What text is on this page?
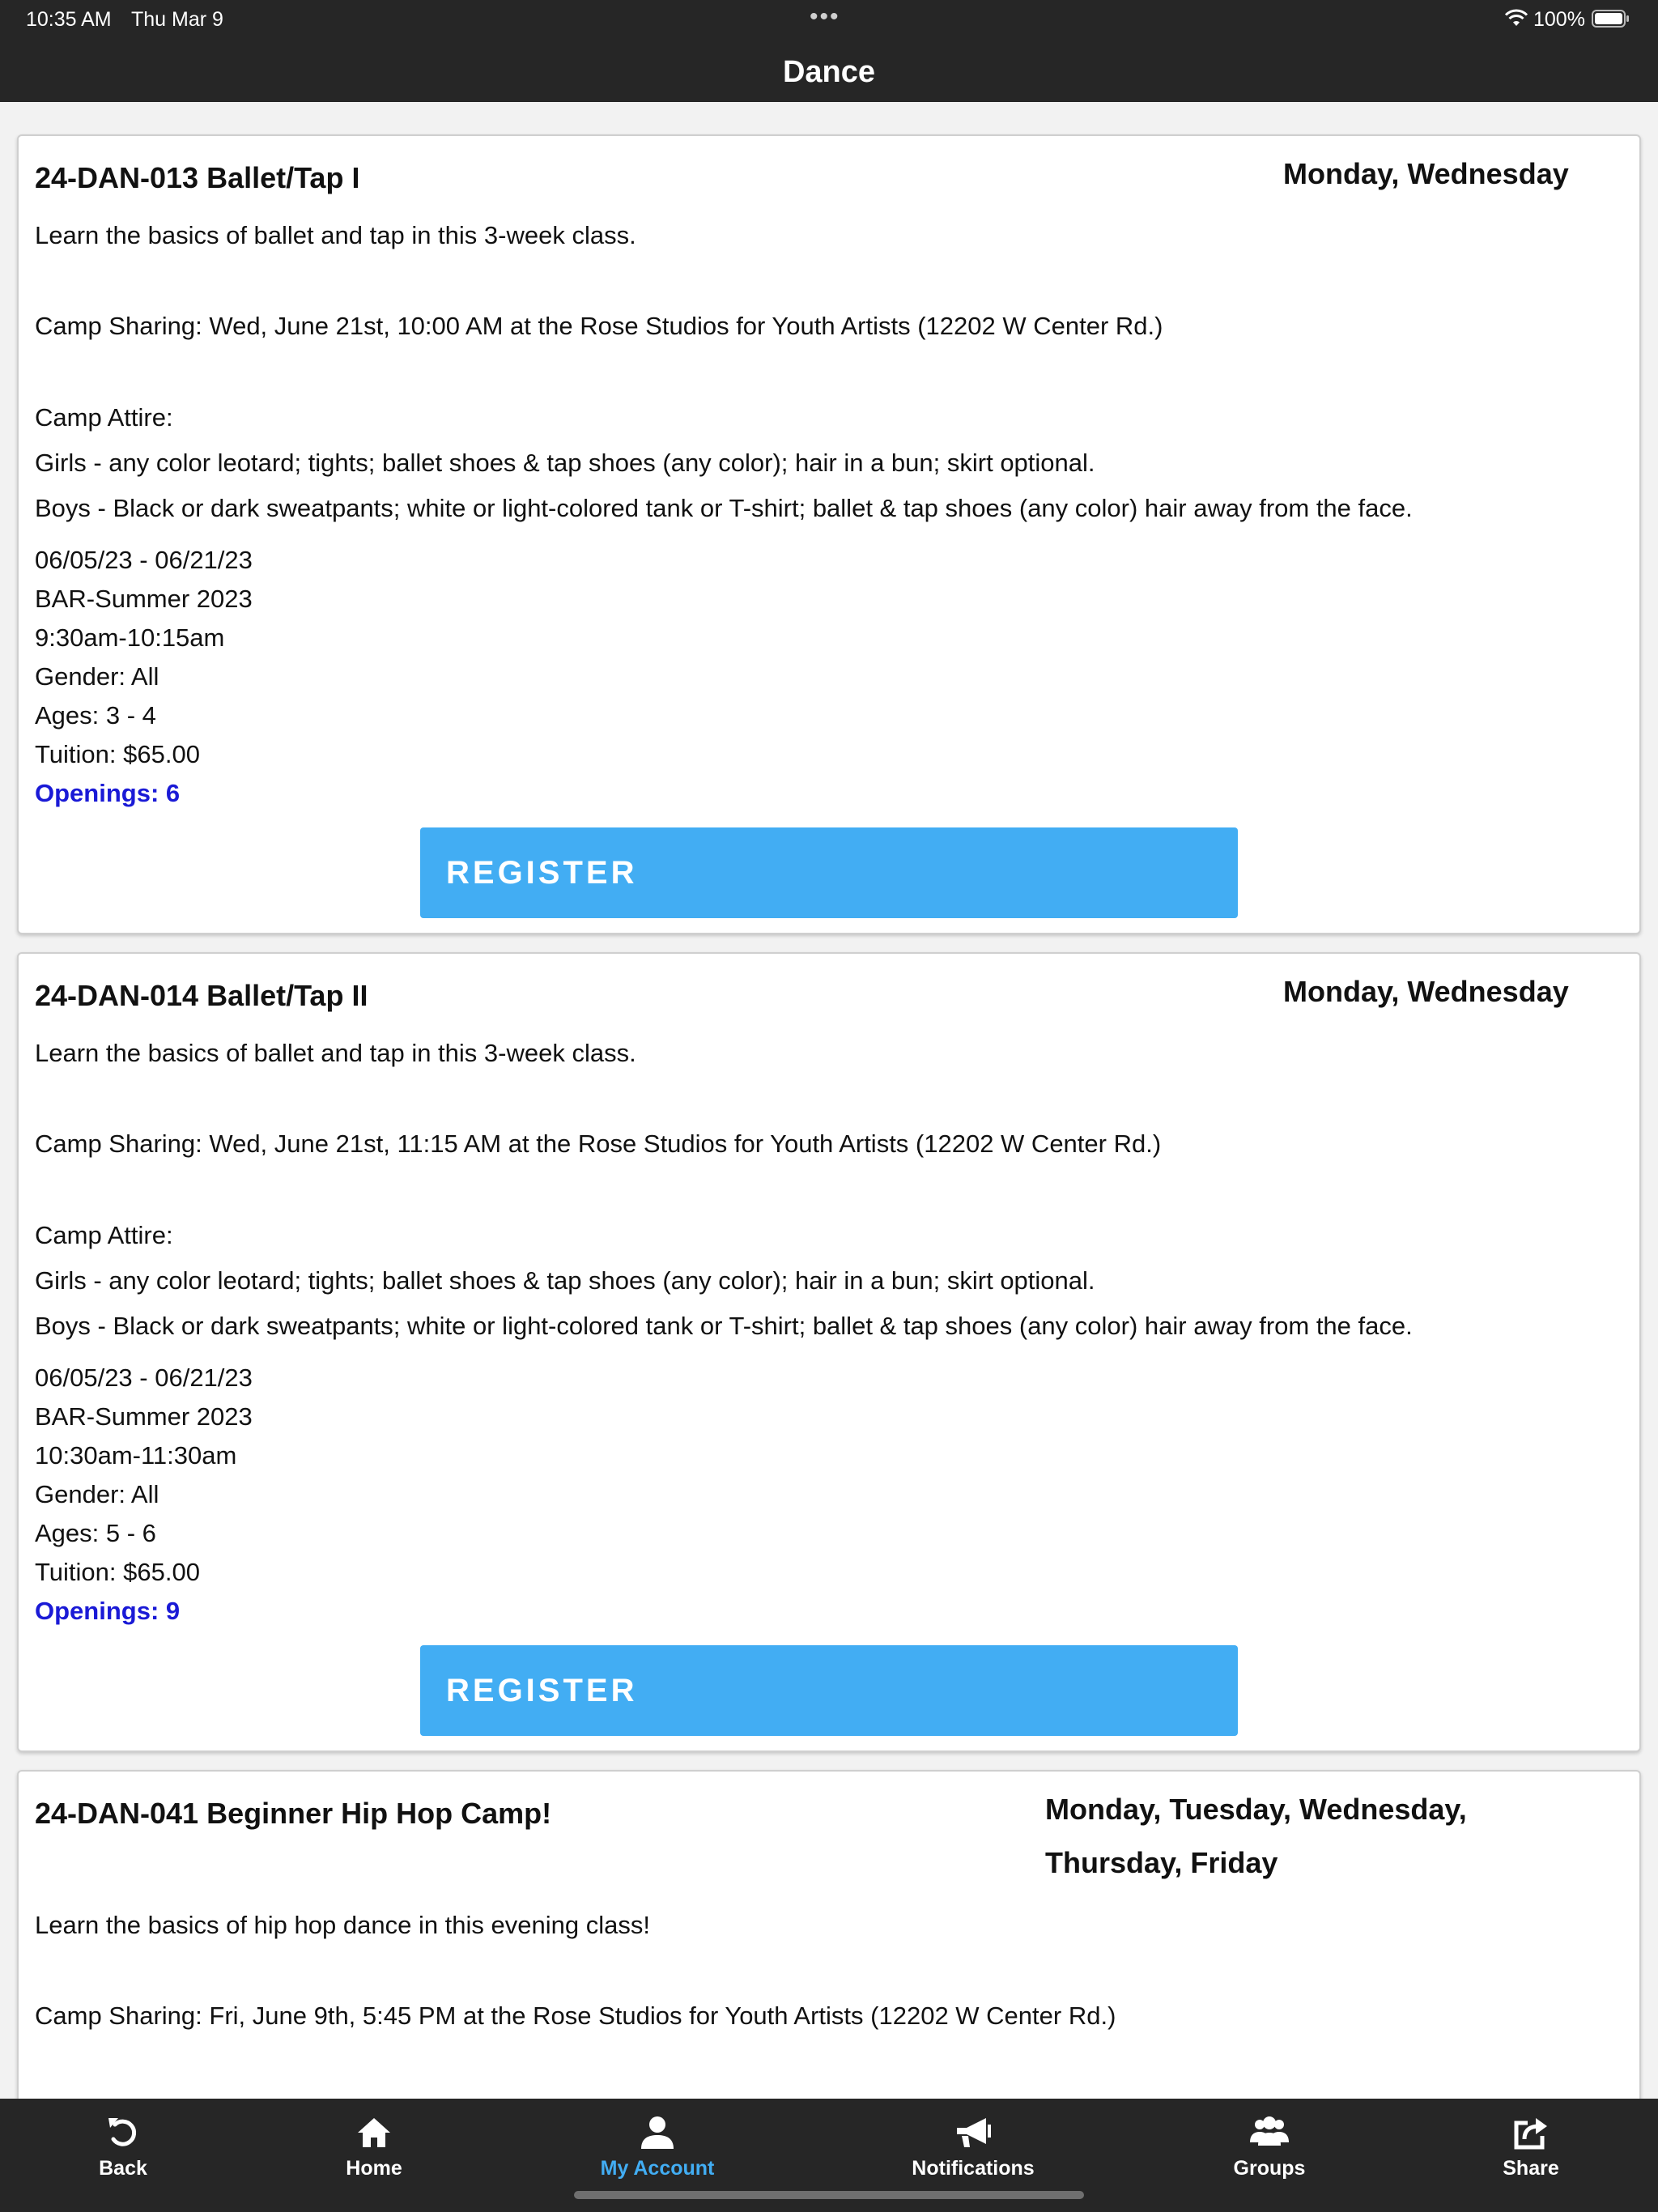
10:35 AM Thu Mar 9	•••	100%
Dance
24-DAN-013 Ballet/Tap I	Monday, Wednesday
Learn the basics of ballet and tap in this 3-week class.
Camp Sharing: Wed, June 21st, 10:00 AM at the Rose Studios for Youth Artists (12202 W Center Rd.)
Camp Attire:
Girls - any color leotard; tights; ballet shoes & tap shoes (any color); hair in a bun; skirt optional.
Boys - Black or dark sweatpants; white or light-colored tank or T-shirt; ballet & tap shoes (any color) hair away from the face.
06/05/23 - 06/21/23
BAR-Summer 2023
9:30am-10:15am
Gender: All
Ages: 3 - 4
Tuition: $65.00
Openings: 6
REGISTER
24-DAN-014 Ballet/Tap II	Monday, Wednesday
Learn the basics of ballet and tap in this 3-week class.
Camp Sharing: Wed, June 21st, 11:15 AM at the Rose Studios for Youth Artists (12202 W Center Rd.)
Camp Attire:
Girls - any color leotard; tights; ballet shoes & tap shoes (any color); hair in a bun; skirt optional.
Boys - Black or dark sweatpants; white or light-colored tank or T-shirt; ballet & tap shoes (any color) hair away from the face.
06/05/23 - 06/21/23
BAR-Summer 2023
10:30am-11:30am
Gender: All
Ages: 5 - 6
Tuition: $65.00
Openings: 9
REGISTER
24-DAN-041 Beginner Hip Hop Camp!	Monday, Tuesday, Wednesday,
Thursday, Friday
Learn the basics of hip hop dance in this evening class!
Camp Sharing: Fri, June 9th, 5:45 PM at the Rose Studios for Youth Artists (12202 W Center Rd.)
Back	Home	My Account	Notifications	Groups	Share
